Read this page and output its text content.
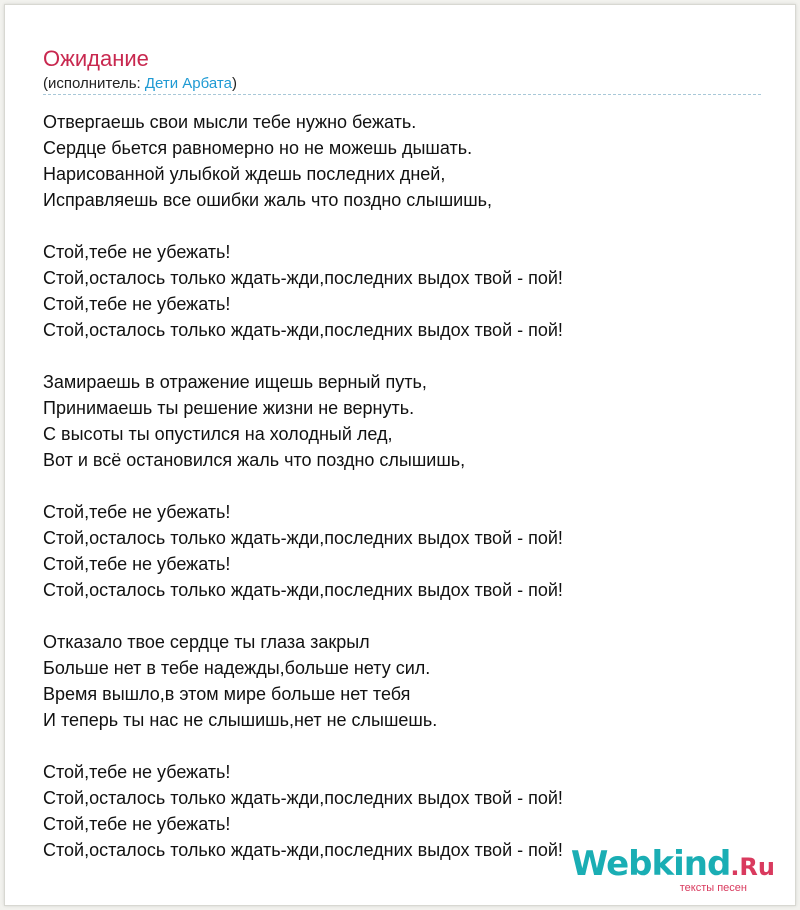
Ожидание
(исполнитель: Дети Арбата)
Отвергаешь свои мысли тебе нужно бежать.
Сердце бьется равномерно но не можешь дышать.
Нарисованной улыбкой ждешь последних дней,
Исправляешь все ошибки жаль что поздно слышишь,
Стой,тебе не убежать!
Стой,осталось только ждать-жди,последних выдох твой - пой!
Стой,тебе не убежать!
Стой,осталось только ждать-жди,последних выдох твой - пой!
Замираешь в отражение ищешь верный путь,
Принимаешь ты решение жизни не вернуть.
С высоты ты опустился на холодный лед,
Вот и всё остановился жаль что поздно слышишь,
Стой,тебе не убежать!
Стой,осталось только ждать-жди,последних выдох твой - пой!
Стой,тебе не убежать!
Стой,осталось только ждать-жди,последних выдох твой - пой!
Отказало твое сердце ты глаза закрыл
Больше нет в тебе надежды,больше нету сил.
Время вышло,в этом мире больше нет тебя
И теперь ты нас не слышишь,нет не слышешь.
Стой,тебе не убежать!
Стой,осталось только ждать-жди,последних выдох твой - пой!
Стой,тебе не убежать!
Стой,осталось только ждать-жди,последних выдох твой - пой! Webkind.Ru
тексты песен
